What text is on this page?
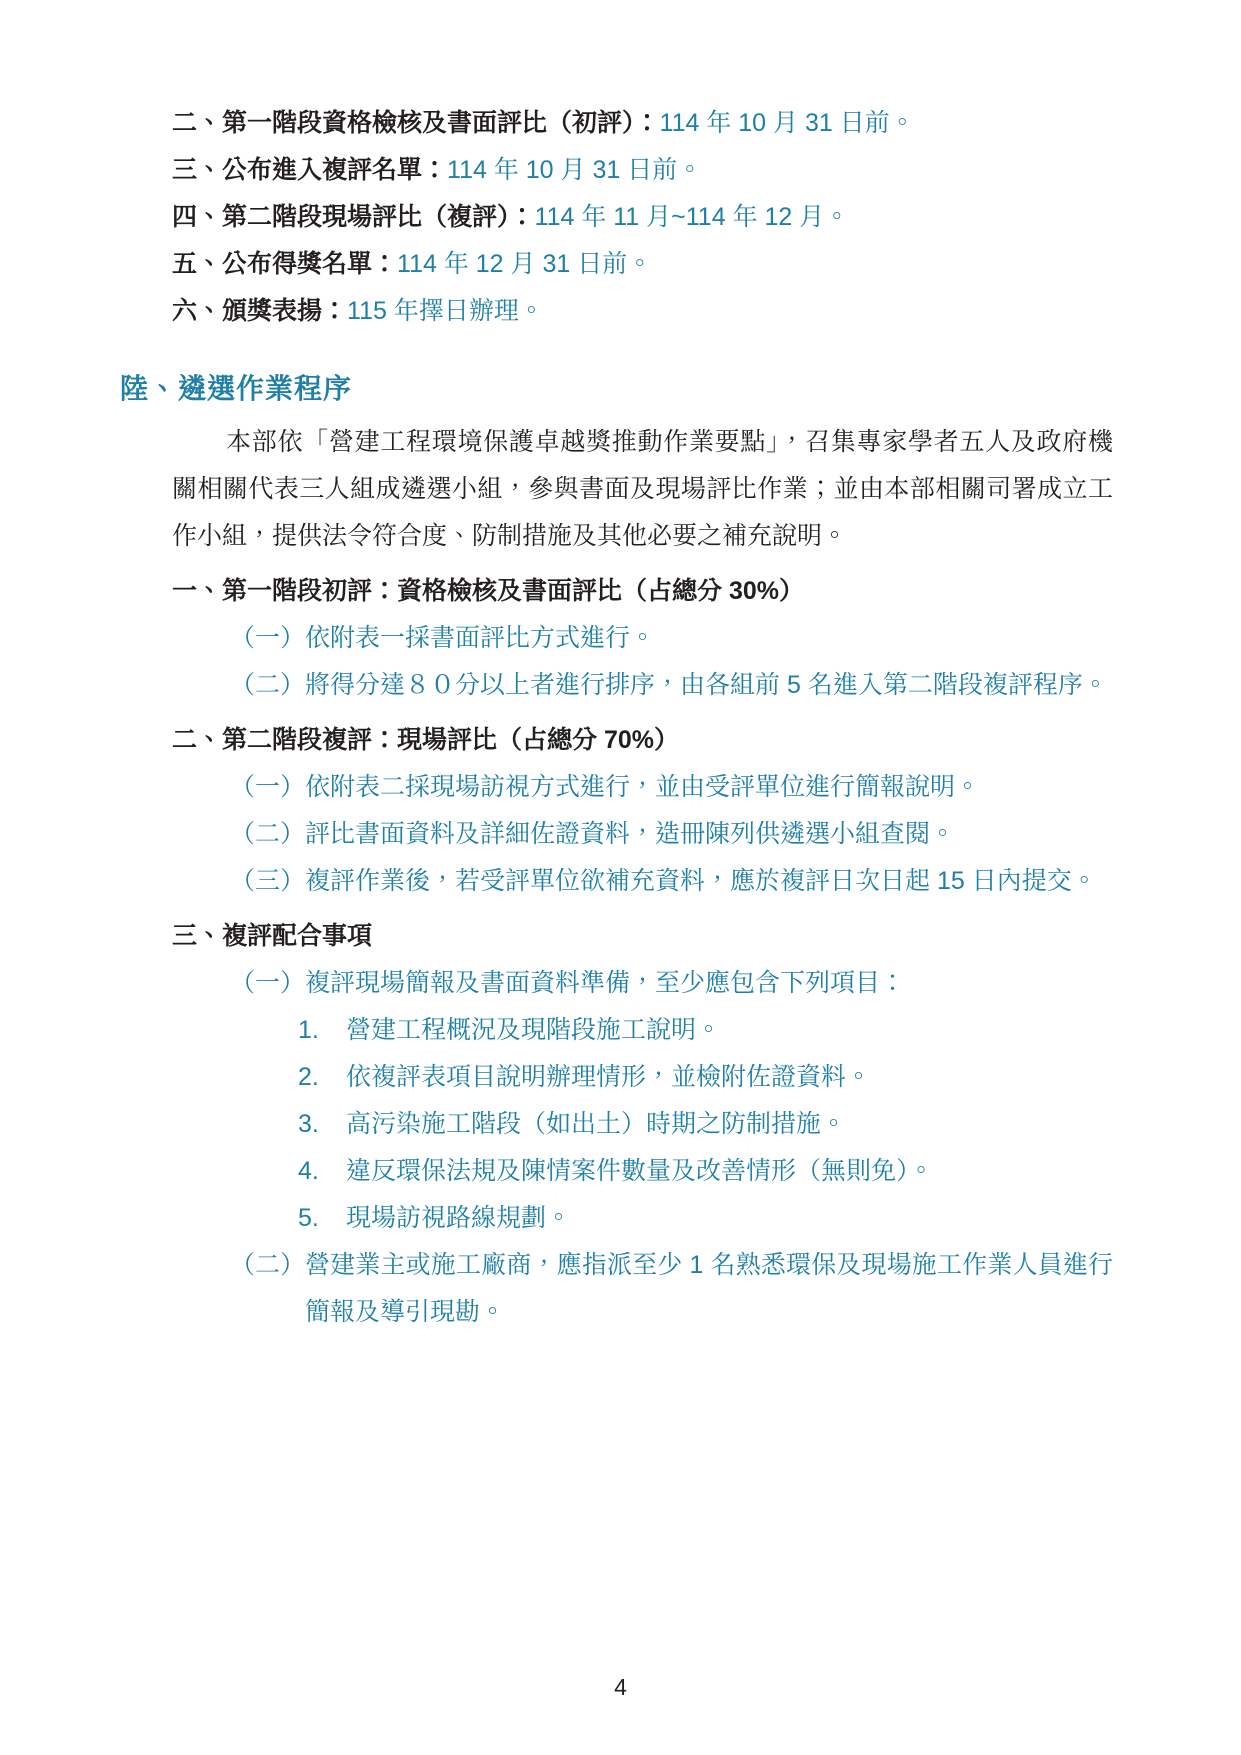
二、第一階段資格檢核及書面評比（初評）：114 年 10 月 31 日前。
三、公布進入複評名單：114 年 10 月 31 日前。
四、第二階段現場評比（複評）：114 年 11 月~114 年 12 月。
五、公布得獎名單：114 年 12 月 31 日前。
六、頒獎表揚：115 年擇日辦理。
陸、遴選作業程序

本部依「營建工程環境保護卓越獎推動作業要點」，召集專家學者五人及政府機關相關代表三人組成遴選小組，參與書面及現場評比作業；並由本部相關司署成立工作小組，提供法令符合度、防制措施及其他必要之補充說明。

一、第一階段初評：資格檢核及書面評比（占總分 30%）
（一） 依附表一採書面評比方式進行。
（二） 將得分達８０分以上者進行排序，由各組前 5 名進入第二階段複評程序。
二、第二階段複評：現場評比（占總分 70%）
（一） 依附表二採現場訪視方式進行，並由受評單位進行簡報說明。
（二） 評比書面資料及詳細佐證資料，造冊陳列供遴選小組查閱。
（三） 複評作業後，若受評單位欲補充資料，應於複評日次日起 15 日內提交。
三、複評配合事項
（一） 複評現場簡報及書面資料準備，至少應包含下列項目：
1.	營建工程概況及現階段施工說明。
2.	依複評表項目說明辦理情形，並檢附佐證資料。
3.	高污染施工階段（如出土）時期之防制措施。
4.	違反環保法規及陳情案件數量及改善情形（無則免）。
5.	現場訪視路線規劃。
（二） 營建業主或施工廠商，應指派至少 1 名熟悉環保及現場施工作業人員進行簡報及導引現勘。
4
